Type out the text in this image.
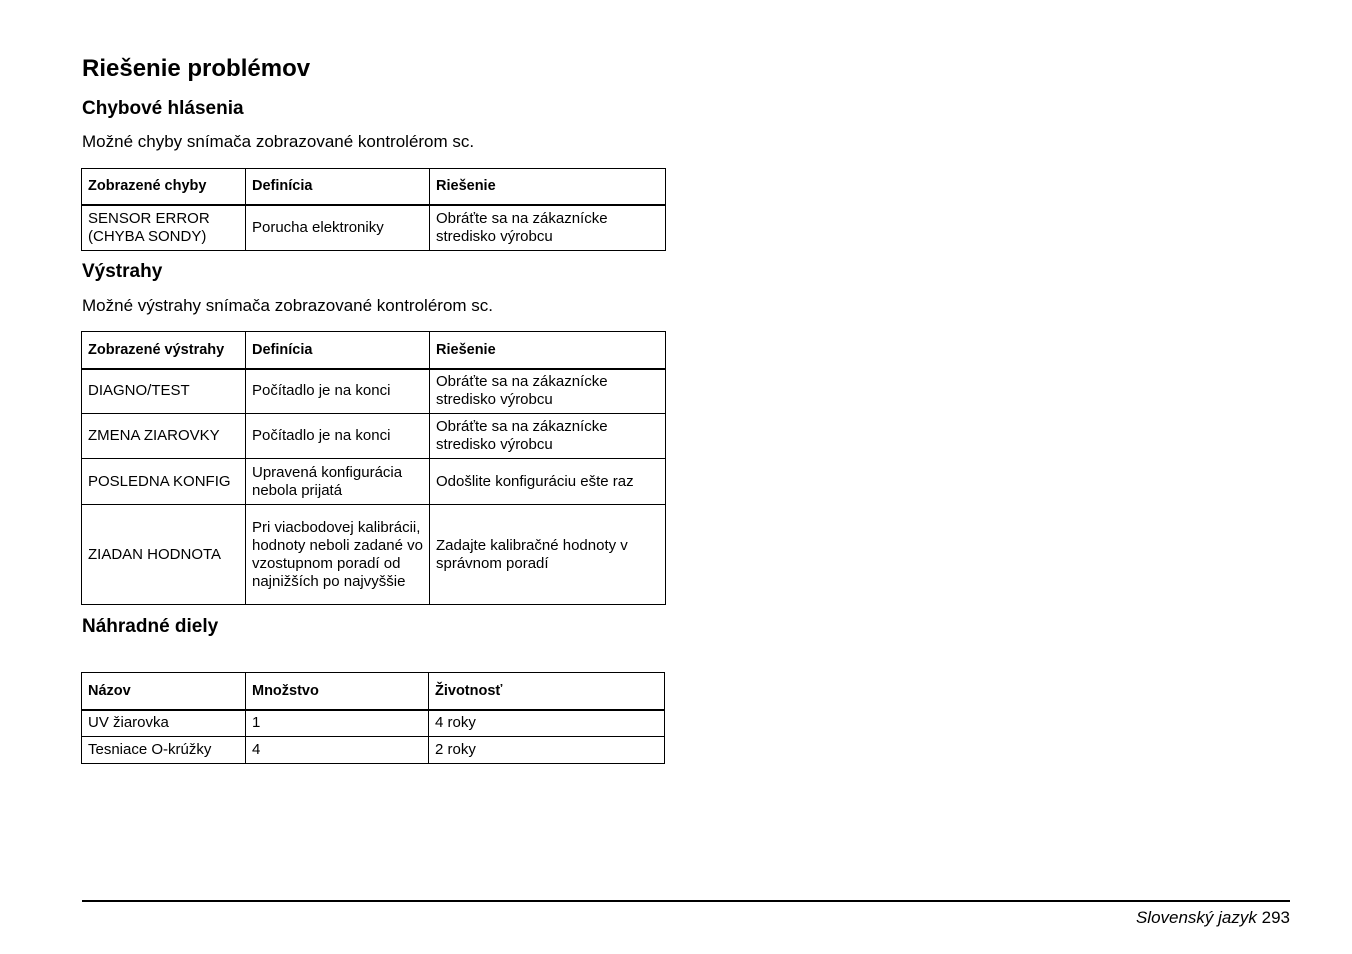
Riešenie problémov
Chybové hlásenia

Možné chyby snímača zobrazované kontrolérom sc.

Zobrazené chyby	Definícia	Riešenie
SENSOR ERROR (CHYBA SONDY)	Porucha elektroniky	Obráťte sa na zákaznícke stredisko výrobcu
Výstrahy

Možné výstrahy snímača zobrazované kontrolérom sc.

Zobrazené výstrahy	Definícia	Riešenie
DIAGNO/TEST	Počítadlo je na konci	Obráťte sa na zákaznícke stredisko výrobcu
ZMENA ZIAROVKY	Počítadlo je na konci	Obráťte sa na zákaznícke stredisko výrobcu
POSLEDNA KONFIG	Upravená konfigurácia nebola prijatá	Odošlite konfiguráciu ešte raz
ZIADAN HODNOTA	Pri viacbodovej kalibrácii, hodnoty neboli zadané vo vzostupnom poradí od najnižších po najvyššie	Zadajte kalibračné hodnoty v správnom poradí
Náhradné diely
Názov	Množstvo	Životnosť
UV žiarovka	1	4 roky
Tesniace O-krúžky	4	2 roky
Slovenský jazyk 293
